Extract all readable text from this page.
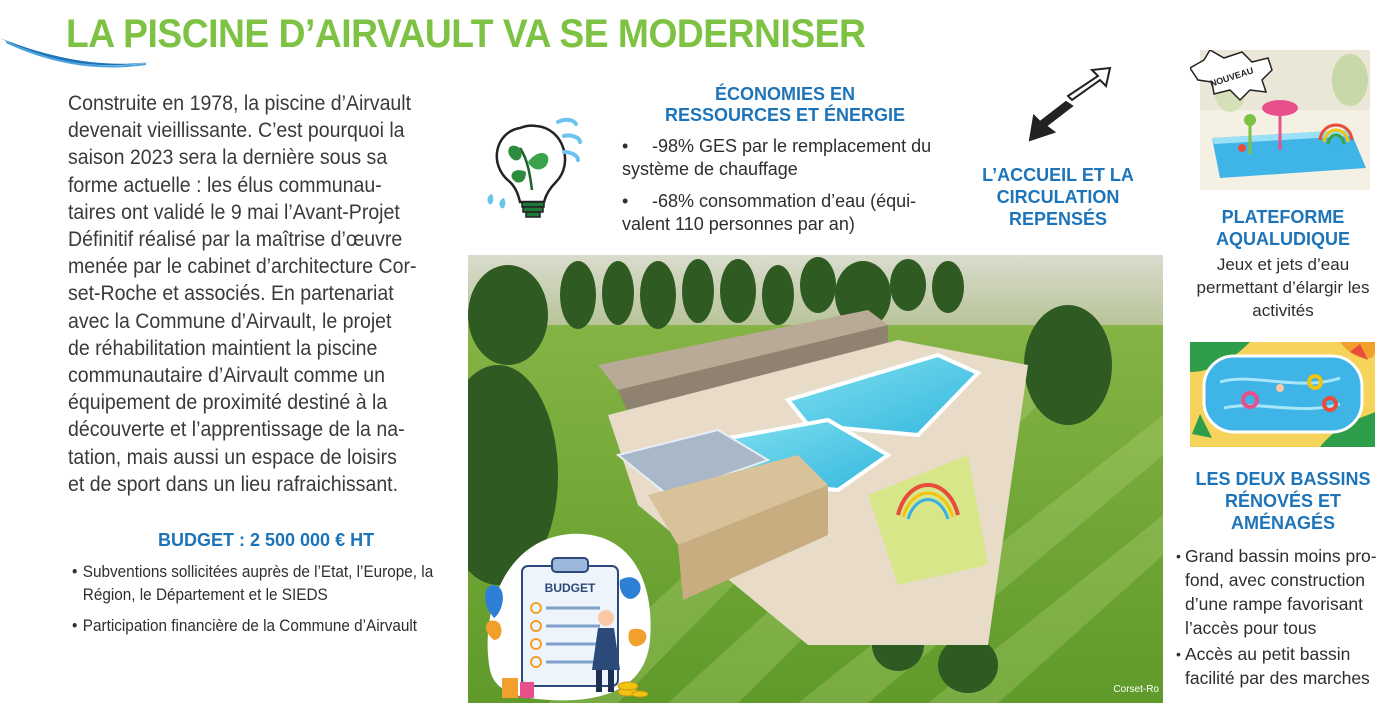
LA PISCINE D’AIRVAULT VA SE MODERNISER
Construite en 1978, la piscine d’Airvault
devenait vieillissante. C’est pourquoi la
saison 2023 sera la dernière sous sa
forme actuelle : les élus communau-
taires ont validé le 9 mai l’Avant-Projet
Définitif réalisé par la maîtrise d’œuvre
menée par le cabinet d’architecture Cor-
set-Roche et associés. En partenariat
avec la Commune d’Airvault, le projet
de réhabilitation maintient la piscine
communautaire d’Airvault comme un
équipement de proximité destiné à la
découverte et l’apprentissage de la na-
tation, mais aussi un espace de loisirs
et de sport dans un lieu rafraichissant.
BUDGET : 2 500 000 € HT
• Subventions sollicitées auprès de l’Etat, l’Europe, la Région, le Département et le SIEDS
• Participation financière de la Commune d’Airvault
ÉCONOMIES EN
RESSOURCES ET ÉNERGIE
•	-98% GES par le remplacement du
système de chauffage
•	-68% consommation d’eau (équi-
valent 110 personnes par an)
L’ACCUEIL ET LA
CIRCULATION
REPENSÉS
Corset-Ro
BUDGET
NOUVEAU
PLATEFORME
AQUALUDIQUE
Jeux et jets d’eau
permettant d’élargir les
activités
LES DEUX BASSINS
RÉNOVÉS ET
AMÉNAGÉS
• Grand bassin moins pro- fond, avec construction d’une rampe favorisant l’accès pour tous
• Accès au petit bassin facilité par des marches
